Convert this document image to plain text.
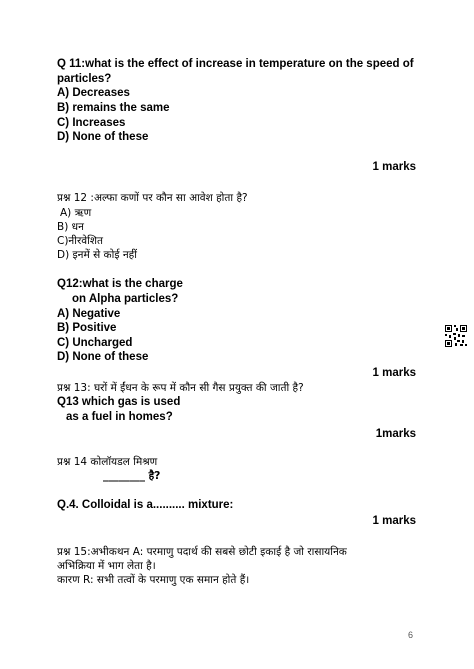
Q 11:what is the effect of increase in temperature on the speed of
particles?
A) Decreases
B) remains the same
C) Increases
D) None of these
1 marks
प्रश्न 12 :अल्फा कणों पर कौन सा आवेश होता है?
A) ऋण
B) धन
C)नीरवेशित
D) इनमें से कोई नहीं
Q12:what is the charge
on Alpha particles?
A) Negative
B) Positive
C) Uncharged
D) None of these
1 marks
प्रश्न 13: घरों में ईंधन के रूप में कौन सी गैस प्रयुक्त की जाती है?
Q13 which gas is used
as a fuel in homes?
1marks
प्रश्न 14 कोलॉयडल मिश्रण
________ है?
Q.4. Colloidal is a.......... mixture:
1 marks
प्रश्न 15:अभीकथन A: परमाणु पदार्थ की सबसे छोटी इकाई है जो रासायनिक
अभिक्रिया में भाग लेता है।
कारण R: सभी तत्वों के परमाणु एक समान होते हैं।
6
